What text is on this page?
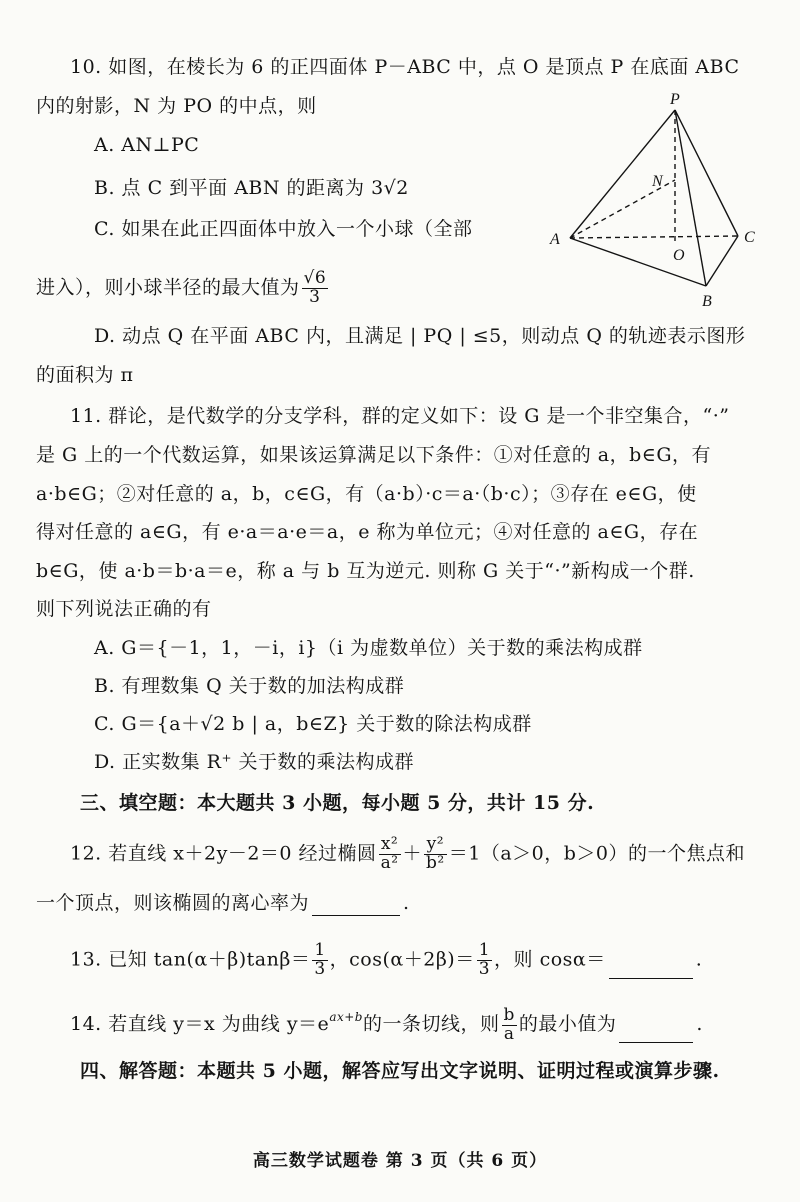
10. 如图，在棱长为 6 的正四面体 P－ABC 中，点 O 是顶点 P 在底面 ABC
内的射影，N 为 PO 的中点，则
A. AN⊥PC
B. 点 C 到平面 ABN 的距离为 3√2
C. 如果在此正四面体中放入一个小球（全部
进入），则小球半径的最大值为 $\frac{√6}{3}$
D. 动点 Q 在平面 ABC 内，且满足 | PQ | ≤5，则动点 Q 的轨迹表示图形
的面积为 π
P
N
A
O
C
B
11. 群论，是代数学的分支学科，群的定义如下：设 G 是一个非空集合，“·”
是 G 上的一个代数运算，如果该运算满足以下条件：①对任意的 a，b∈G，有
a·b∈G；②对任意的 a，b，c∈G，有（a·b）·c＝a·（b·c）；③存在 e∈G，使
得对任意的 a∈G，有 e·a＝a·e＝a，e 称为单位元；④对任意的 a∈G，存在
b∈G，使 a·b＝b·a＝e，称 a 与 b 互为逆元. 则称 G 关于“·”新构成一个群.
则下列说法正确的有
A. G＝{－1，1，－i，i}（i 为虚数单位）关于数的乘法构成群
B. 有理数集 Q 关于数的加法构成群
C. G＝{a＋√2 b | a，b∈Z} 关于数的除法构成群
D. 正实数集 R⁺ 关于数的乘法构成群
三、填空题：本大题共 3 小题，每小题 5 分，共计 15 分.
12. 若直线 x＋2y－2＝0 经过椭圆 $\frac{\text{x²}}{\text{a²}} + \frac{\text{y²}}{\text{b²}} =1(a>0$，b＞0）的一个焦点和
一个顶点，则该椭圆的离心率为	.
13. 已知 $\tan(\alpha+\beta)\tan\beta= \frac{1}{3}$ ，$\cos(\alpha+2\beta)= \frac{1}{3}$ ，则 cosα＝	.
14. 若直线 y＝x 为曲线 $y=e^{ax+b}$的一条切线，则 $\frac{b}{a}$ 的最小值为	.
四、解答题：本题共 5 小题，解答应写出文字说明、证明过程或演算步骤.
高三数学试题卷 第 3 页（共 6 页）
